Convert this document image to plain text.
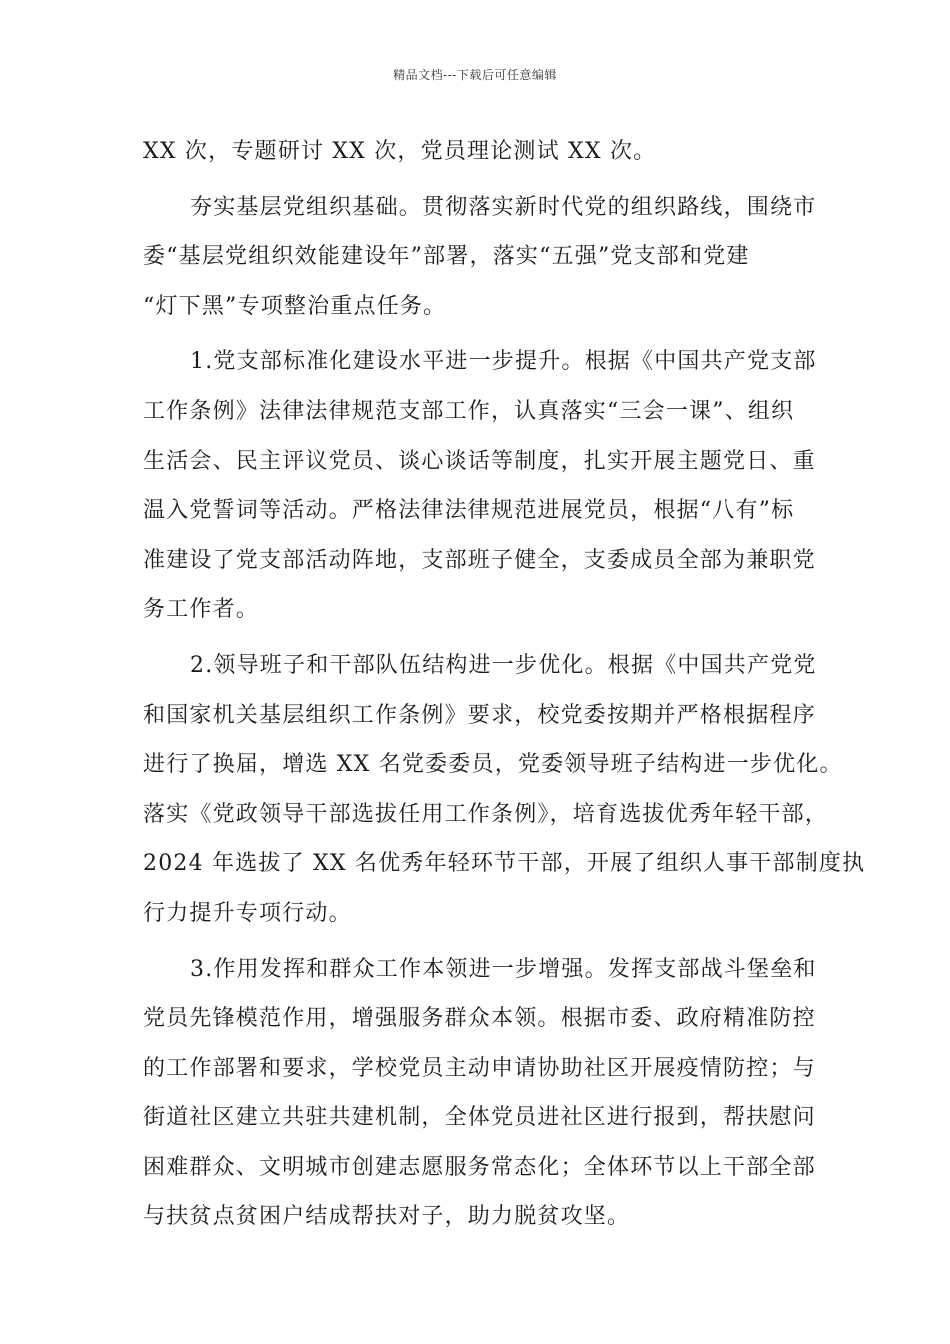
精品文档---下载后可任意编辑
XX 次，专题研讨 XX 次，党员理论测试 XX 次。
夯实基层党组织基础。贯彻落实新时代党的组织路线，围绕市
委“基层党组织效能建设年”部署，落实“五强”党支部和党建
“灯下黑”专项整治重点任务。
1.党支部标准化建设水平进一步提升。根据《中国共产党支部
工作条例》法律法律规范支部工作，认真落实“三会一课”、组织
生活会、民主评议党员、谈心谈话等制度，扎实开展主题党日、重
温入党誓词等活动。严格法律法律规范进展党员，根据“八有”标
准建设了党支部活动阵地，支部班子健全，支委成员全部为兼职党
务工作者。
2.领导班子和干部队伍结构进一步优化。根据《中国共产党党
和国家机关基层组织工作条例》要求，校党委按期并严格根据程序
进行了换届，增选 XX 名党委委员，党委领导班子结构进一步优化。
落实《党政领导干部选拔任用工作条例》，培育选拔优秀年轻干部，
2024 年选拔了 XX 名优秀年轻环节干部，开展了组织人事干部制度执
行力提升专项行动。
3.作用发挥和群众工作本领进一步增强。发挥支部战斗堡垒和
党员先锋模范作用，增强服务群众本领。根据市委、政府精准防控
的工作部署和要求，学校党员主动申请协助社区开展疫情防控；与
街道社区建立共驻共建机制，全体党员进社区进行报到，帮扶慰问
困难群众、文明城市创建志愿服务常态化；全体环节以上干部全部
与扶贫点贫困户结成帮扶对子，助力脱贫攻坚。
